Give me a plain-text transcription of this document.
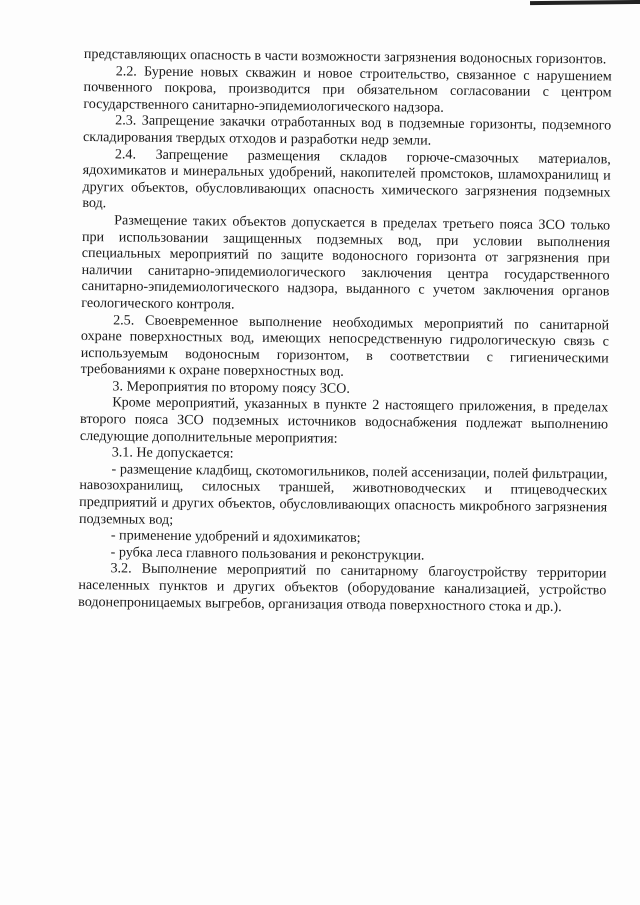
представляющих опасность в части возможности загрязнения водоносных горизонтов.

2.2. Бурение новых скважин и новое строительство, связанное с нарушением почвенного покрова, производится при обязательном согласовании с центром государственного санитарно-эпидемиологического надзора.

2.3. Запрещение закачки отработанных вод в подземные горизонты, подземного складирования твердых отходов и разработки недр земли.

2.4. Запрещение размещения складов горюче-смазочных материалов, ядохимикатов и минеральных удобрений, накопителей промстоков, шламохранилищ и других объектов, обусловливающих опасность химического загрязнения подземных вод.

Размещение таких объектов допускается в пределах третьего пояса ЗСО только при использовании защищенных подземных вод, при условии выполнения специальных мероприятий по защите водоносного горизонта от загрязнения при наличии санитарно-эпидемиологического заключения центра государственного санитарно-эпидемиологического надзора, выданного с учетом заключения органов геологического контроля.

2.5. Своевременное выполнение необходимых мероприятий по санитарной охране поверхностных вод, имеющих непосредственную гидрологическую связь с используемым водоносным горизонтом, в соответствии с гигиеническими требованиями к охране поверхностных вод.

3. Мероприятия по второму поясу ЗСО.

Кроме мероприятий, указанных в пункте 2 настоящего приложения, в пределах второго пояса ЗСО подземных источников водоснабжения подлежат выполнению следующие дополнительные мероприятия:

3.1. Не допускается:

- размещение кладбищ, скотомогильников, полей ассенизации, полей фильтрации, навозохранилищ, силосных траншей, животноводческих и птицеводческих предприятий и других объектов, обусловливающих опасность микробного загрязнения подземных вод;

- применение удобрений и ядохимикатов;

- рубка леса главного пользования и реконструкции.

3.2. Выполнение мероприятий по санитарному благоустройству территории населенных пунктов и других объектов (оборудование канализацией, устройство водонепроницаемых выгребов, организация отвода поверхностного стока и др.).
